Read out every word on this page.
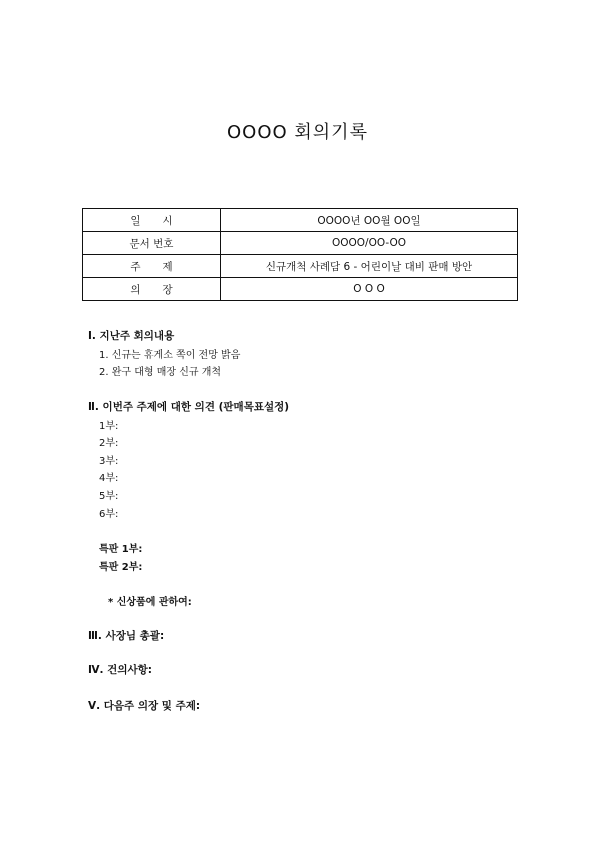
OOOO 회의기록
일시	OOOO년 OO월 OO일
문서 번호	OOOO/OO-OO
주제	신규개척 사례담 6 - 어린이날 대비 판매 방안
의장	O O O
Ⅰ. 지난주 회의내용
1. 신규는 휴게소 쪽이 전망 밝음
2. 완구 대형 매장 신규 개척
Ⅱ. 이번주 주제에 대한 의견 (판매목표설정)
1부:
2부:
3부:
4부:
5부:
6부:
특판 1부:
특판 2부:
* 신상품에 관하여:
Ⅲ. 사장님 총괄:
Ⅳ. 건의사항:
Ⅴ. 다음주 의장 및 주제:
